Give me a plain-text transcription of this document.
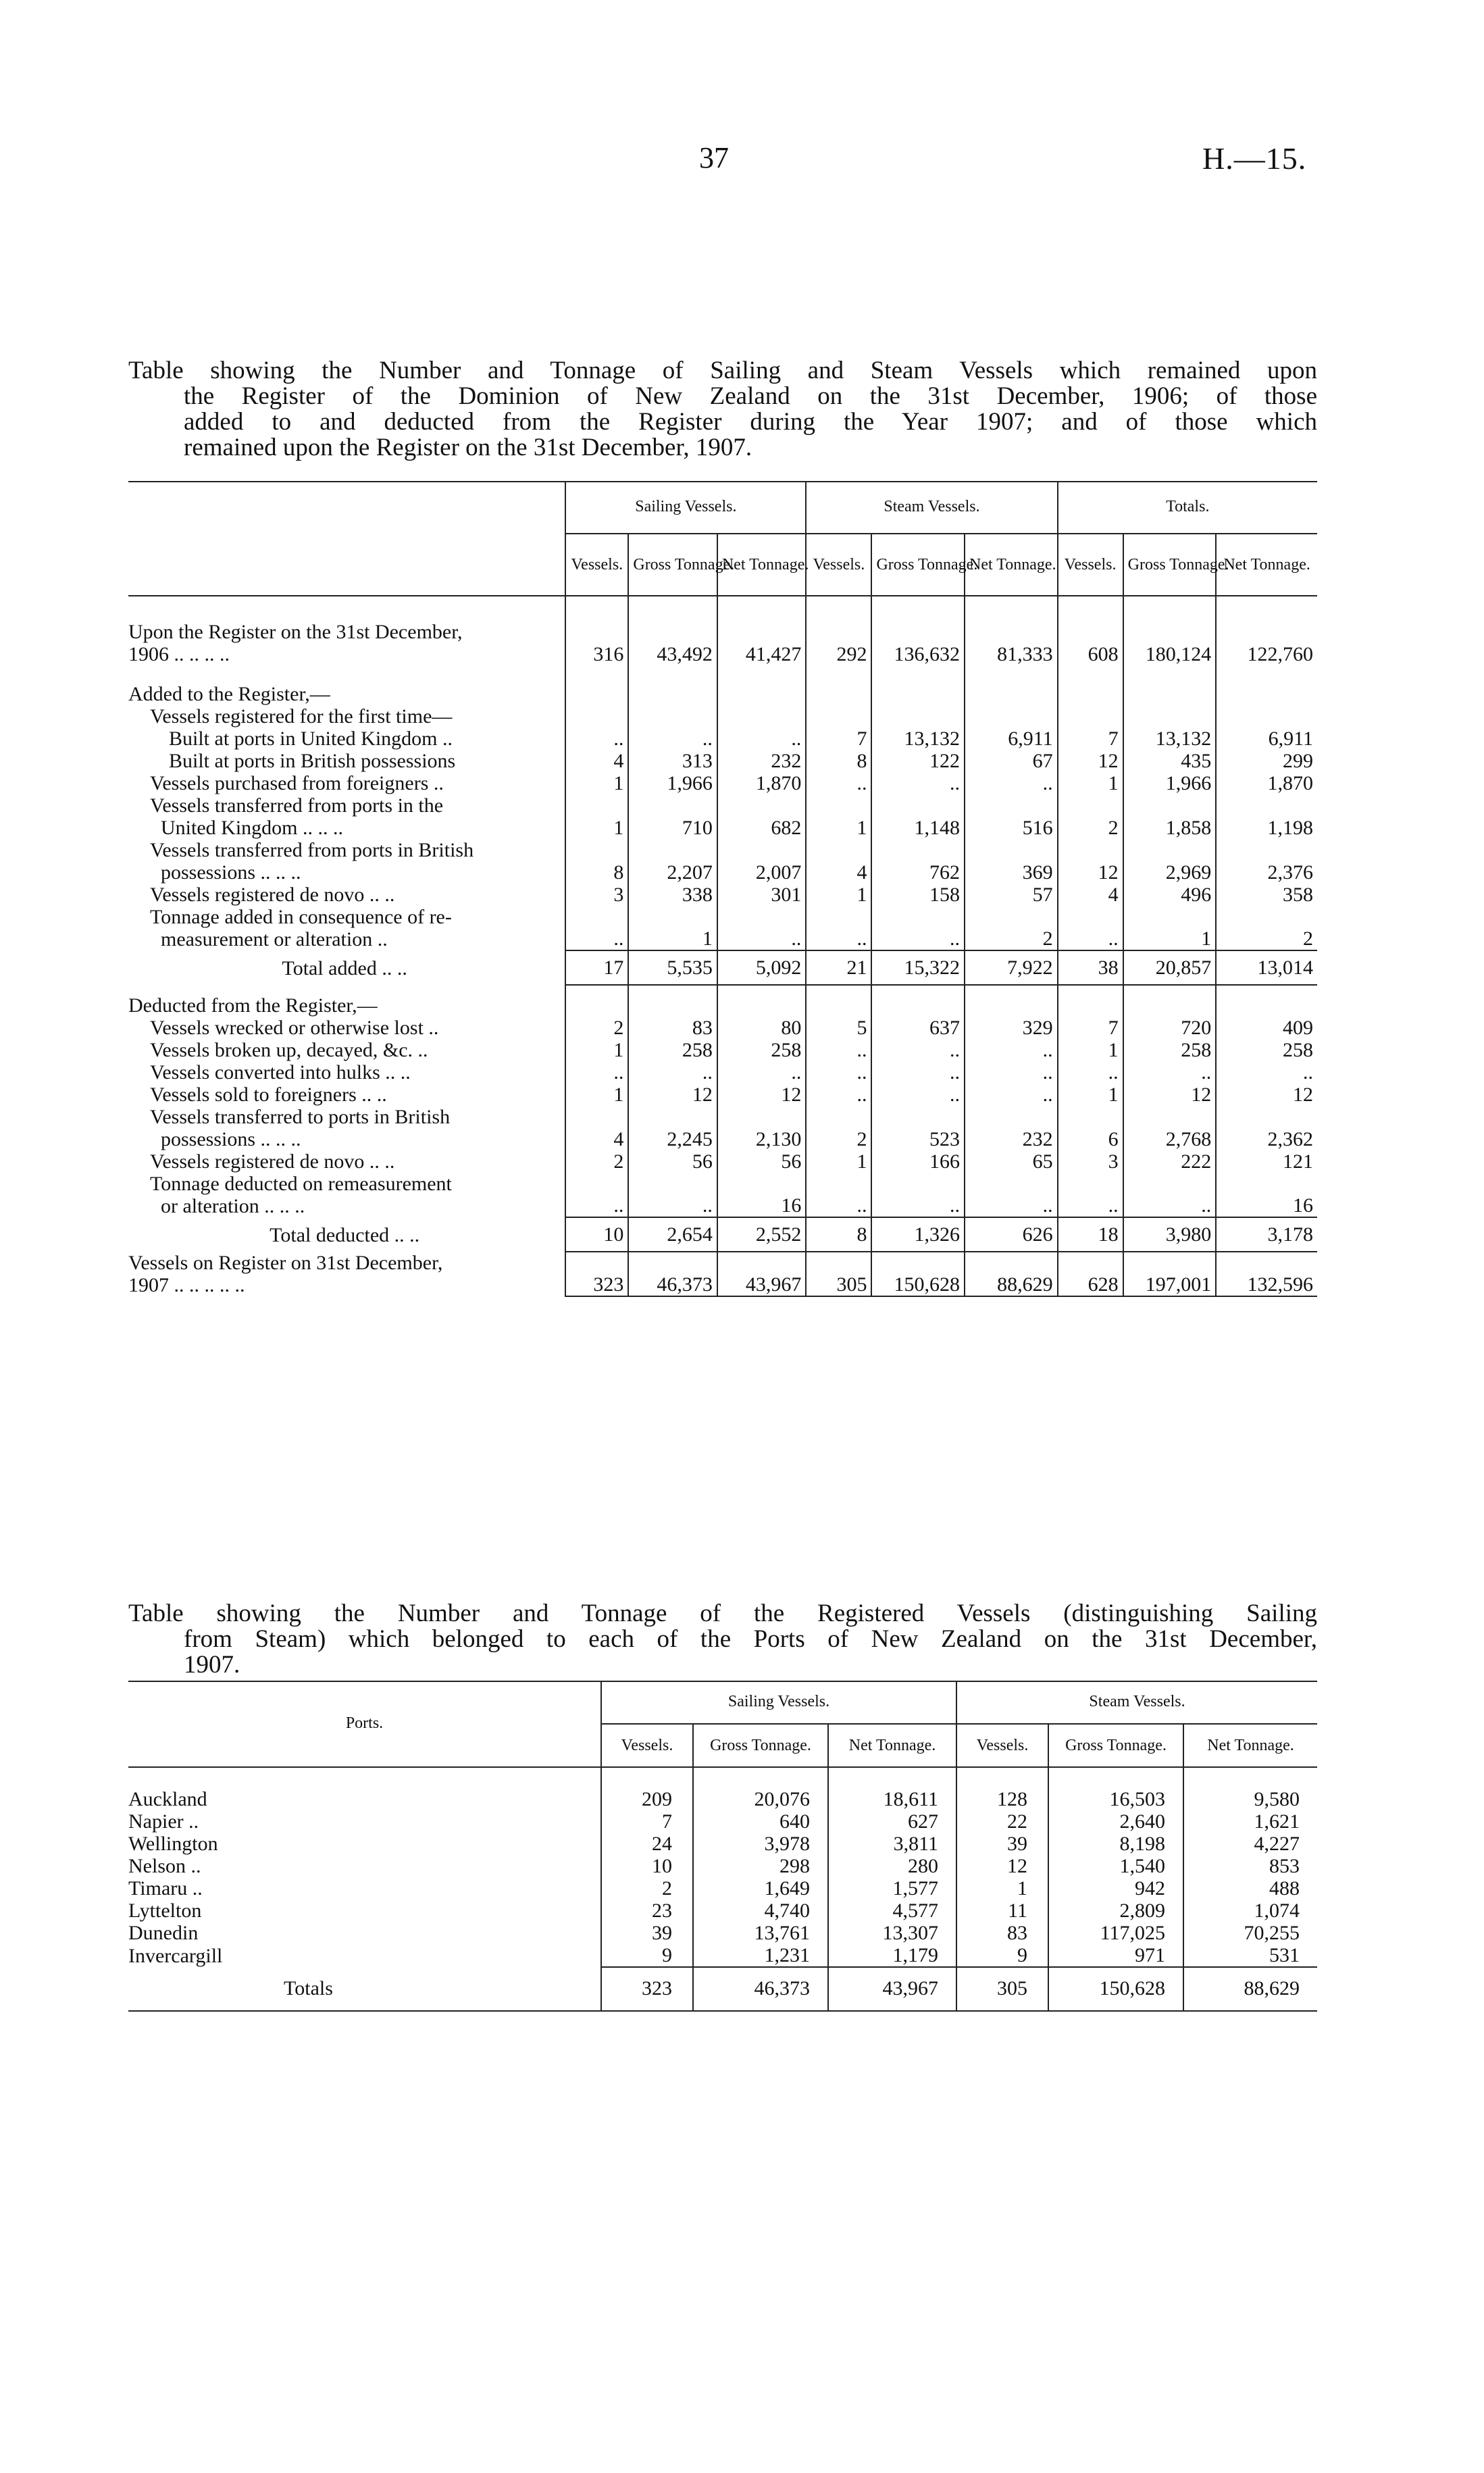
37	H.—15.
Table showing the Number and Tonnage of Sailing and Steam Vessels which remained upon
the Register of the Dominion of New Zealand on the 31st December, 1906; of those
added to and deducted from the Register during the Year 1907; and of those which
remained upon the Register on the 31st December, 1907.
	Sailing Vessels.			Steam Vessels.			Totals.		
	Vessels.	Gross Tonnage.	Net Tonnage.	Vessels.	Gross Tonnage.	Net Tonnage.	Vessels.	Gross Tonnage.	Net Tonnage.

Upon the Register on the 31st December,
1906 .. .. .. ..	316	43,492	41,427	292	136,632	81,333	608	180,124	122,760

Added to the Register,—									

Vessels registered for the first time—									

Built at ports in United Kingdom ..	..	..	..	7	13,132	6,911	7	13,132	6,911

Built at ports in British possessions	4	313	232	8	122	67	12	435	299

Vessels purchased from foreigners ..	1	1,966	1,870	..	..	..	1	1,966	1,870

Vessels transferred from ports in the
United Kingdom .. .. ..	1	710	682	1	1,148	516	2	1,858	1,198

Vessels transferred from ports in British
possessions .. .. ..	8	2,207	2,007	4	762	369	12	2,969	2,376

Vessels registered de novo .. ..	3	338	301	1	158	57	4	496	358

Tonnage added in consequence of re-
measurement or alteration ..	..	1	..	..	..	2	..	1	2

Total added .. ..	17	5,535	5,092	21	15,322	7,922	38	20,857	13,014

Deducted from the Register,—									

Vessels wrecked or otherwise lost ..	2	83	80	5	637	329	7	720	409

Vessels broken up, decayed, &c. ..	1	258	258	..	..	..	1	258	258

Vessels converted into hulks .. ..	..	..	..	..	..	..	..	..	..

Vessels sold to foreigners .. ..	1	12	12	..	..	..	1	12	12

Vessels transferred to ports in British
possessions .. .. ..	4	2,245	2,130	2	523	232	6	2,768	2,362

Vessels registered de novo .. ..	2	56	56	1	166	65	3	222	121

Tonnage deducted on remeasurement
or alteration .. .. ..	..	..	16	..	..	..	..	..	16

Total deducted .. ..	10	2,654	2,552	8	1,326	626	18	3,980	3,178

Vessels on Register on 31st December,
1907 .. .. .. .. ..	323	46,373	43,967	305	150,628	88,629	628	197,001	132,596
Table showing the Number and Tonnage of the Registered Vessels (distinguishing Sailing
from Steam) which belonged to each of the Ports of New Zealand on the 31st December,
1907.
Ports.	Sailing Vessels.			Steam Vessels.		
	Vessels.	Gross Tonnage.	Net Tonnage.	Vessels.	Gross Tonnage.	Net Tonnage.
Auckland	209	20,076	18,611	128	16,503	9,580
Napier ..	7	640	627	22	2,640	1,621
Wellington	24	3,978	3,811	39	8,198	4,227
Nelson ..	10	298	280	12	1,540	853
Timaru ..	2	1,649	1,577	1	942	488
Lyttelton	23	4,740	4,577	11	2,809	1,074
Dunedin	39	13,761	13,307	83	117,025	70,255
Invercargill	9	1,231	1,179	9	971	531
Totals	323	46,373	43,967	305	150,628	88,629
